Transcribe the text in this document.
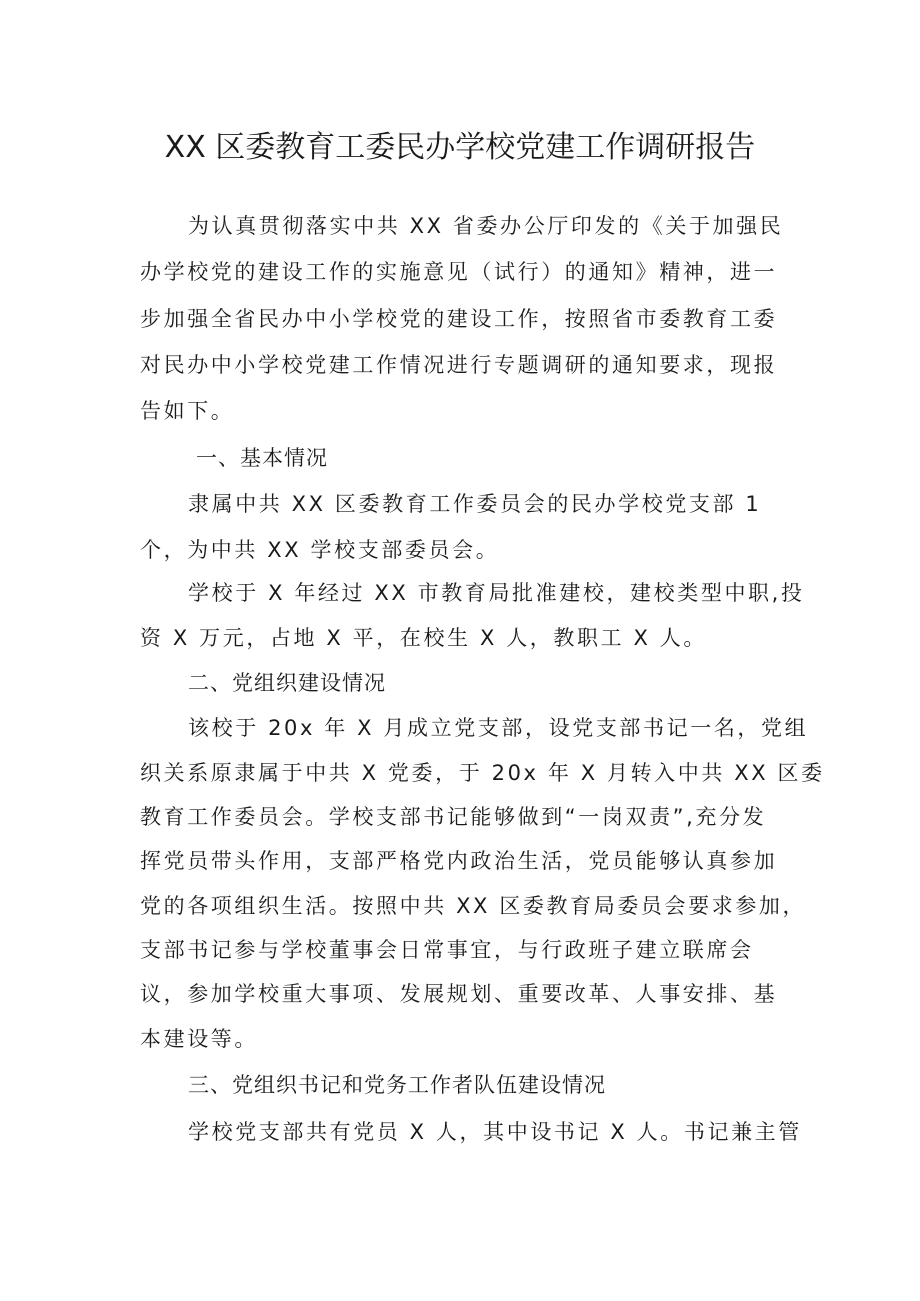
XX 区委教育工委民办学校党建工作调研报告
为认真贯彻落实中共 XX 省委办公厅印发的《关于加强民
办学校党的建设工作的实施意见（试行）的通知》精神，进一
步加强全省民办中小学校党的建设工作，按照省市委教育工委
对民办中小学校党建工作情况进行专题调研的通知要求，现报
告如下。
一、基本情况
隶属中共 XX 区委教育工作委员会的民办学校党支部 1
个，为中共 XX 学校支部委员会。
学校于 X 年经过 XX 市教育局批准建校，建校类型中职,投
资 X 万元，占地 X 平，在校生 X 人，教职工 X 人。
二、党组织建设情况
该校于 20x 年 X 月成立党支部，设党支部书记一名，党组
织关系原隶属于中共 X 党委，于 20x 年 X 月转入中共 XX 区委
教育工作委员会。学校支部书记能够做到“一岗双责”,充分发
挥党员带头作用，支部严格党内政治生活，党员能够认真参加
党的各项组织生活。按照中共 XX 区委教育局委员会要求参加，
支部书记参与学校董事会日常事宜，与行政班子建立联席会
议，参加学校重大事项、发展规划、重要改革、人事安排、基
本建设等。
三、党组织书记和党务工作者队伍建设情况
学校党支部共有党员 X 人，其中设书记 X 人。书记兼主管
